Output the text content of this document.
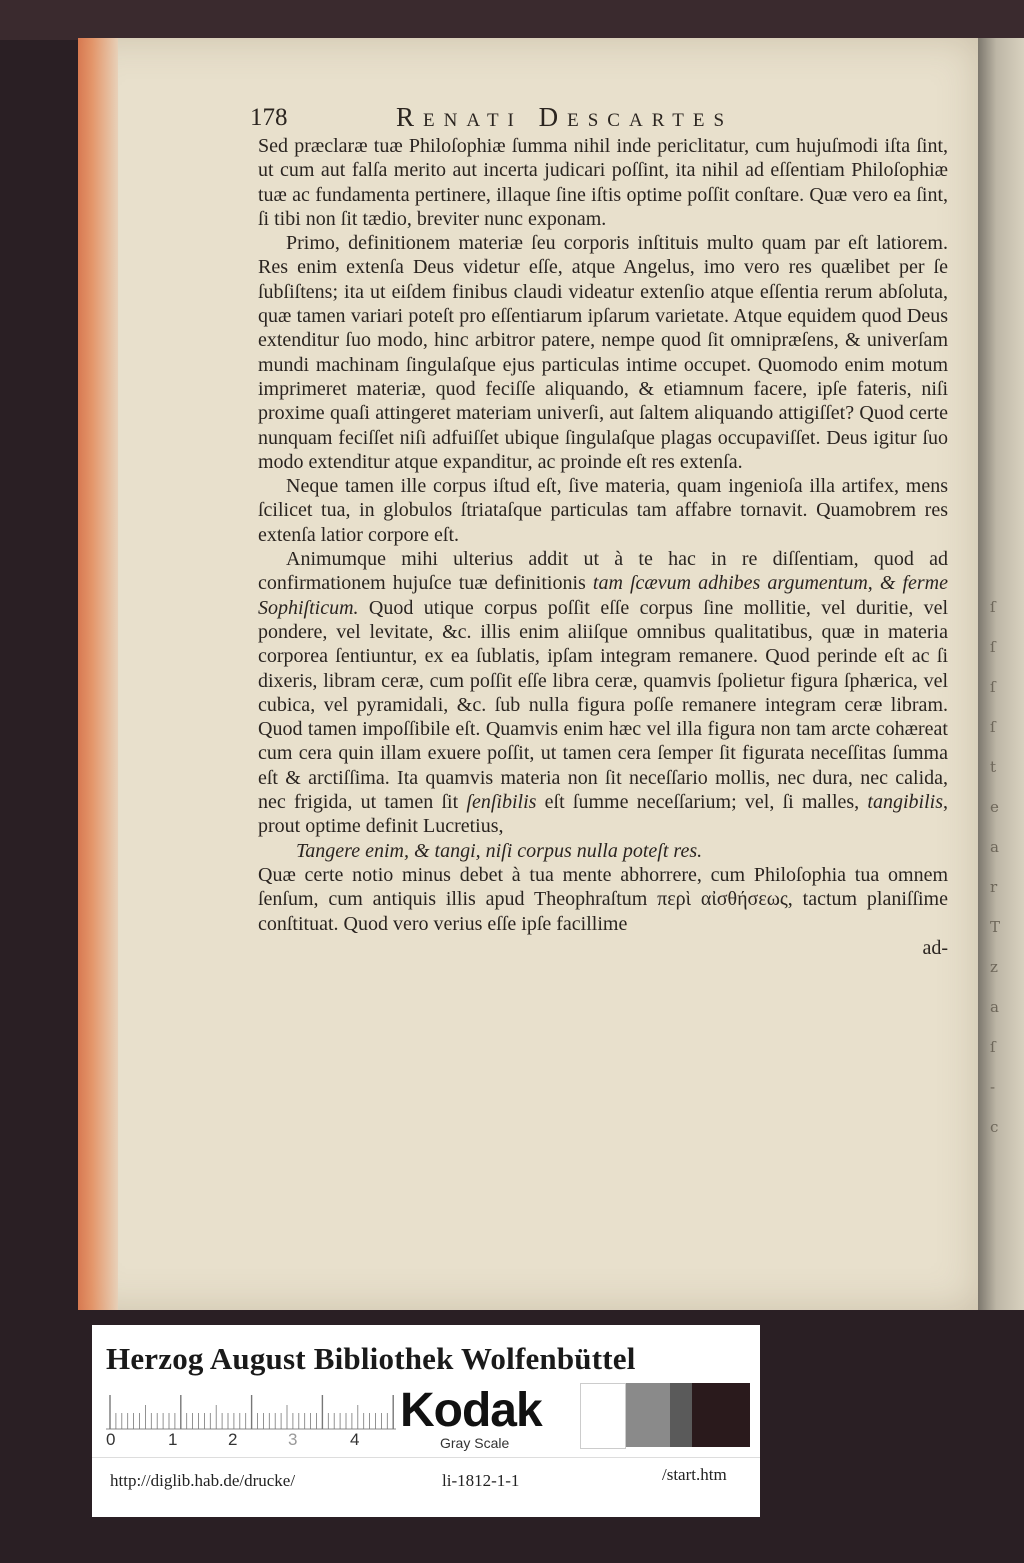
ſ
ſ
ſ
ſ
t
e
a
r
T
z
a
ſ
-
c
178	Renati Descartes

Sed præclaræ tuæ Philoſophiæ ſumma nihil inde periclitatur, cum hujuſmodi iſta ſint, ut cum aut falſa merito aut incerta judicari poſſint, ita nihil ad eſſentiam Philoſophiæ tuæ ac fundamenta pertinere, illaque ſine iſtis optime poſſit conſtare. Quæ vero ea ſint, ſi tibi non ſit tædio, breviter nunc exponam.

Primo, definitionem materiæ ſeu corporis inſtituis multo quam par eſt latiorem. Res enim extenſa Deus videtur eſſe, atque Angelus, imo vero res quælibet per ſe ſubſiſtens; ita ut eiſdem finibus claudi videatur extenſio atque eſſentia rerum abſoluta, quæ tamen variari poteſt pro eſſentiarum ipſarum varietate. Atque equidem quod Deus extenditur ſuo modo, hinc arbitror patere, nempe quod ſit omnipræſens, & univerſam mundi machinam ſingulaſque ejus particulas intime occupet. Quomodo enim motum imprimeret materiæ, quod feciſſe aliquando, & etiamnum facere, ipſe fateris, niſi proxime quaſi attingeret materiam univerſi, aut ſaltem aliquando attigiſſet? Quod certe nunquam feciſſet niſi adfuiſſet ubique ſingulaſque plagas occupaviſſet. Deus igitur ſuo modo extenditur atque expanditur, ac proinde eſt res extenſa.

Neque tamen ille corpus iſtud eſt, ſive materia, quam ingenioſa illa artifex, mens ſcilicet tua, in globulos ſtriataſque particulas tam affabre tornavit. Quamobrem res extenſa latior corpore eſt.

Animumque mihi ulterius addit ut à te hac in re diſſentiam, quod ad confirmationem hujuſce tuæ definitionis tam ſcævum adhibes argumentum, & ferme Sophiſticum. Quod utique corpus poſſit eſſe corpus ſine mollitie, vel duritie, vel pondere, vel levitate, &c. illis enim aliiſque omnibus qualitatibus, quæ in materia corporea ſentiuntur, ex ea ſublatis, ipſam integram remanere. Quod perinde eſt ac ſi dixeris, libram ceræ, cum poſſit eſſe libra ceræ, quamvis ſpolietur figura ſphærica, vel cubica, vel pyramidali, &c. ſub nulla figura poſſe remanere integram ceræ libram. Quod tamen impoſſibile eſt. Quamvis enim hæc vel illa figura non tam arcte cohæreat cum cera quin illam exuere poſſit, ut tamen cera ſemper ſit figurata neceſſitas ſumma eſt & arctiſſima. Ita quamvis materia non ſit neceſſario mollis, nec dura, nec calida, nec frigida, ut tamen ſit ſenſibilis eſt ſumme neceſſarium; vel, ſi malles, tangibilis, prout optime definit Lucretius,

Tangere enim, & tangi, niſi corpus nulla poteſt res.

Quæ certe notio minus debet à tua mente abhorrere, cum Philoſophia tua omnem ſenſum, cum antiquis illis apud Theophraſtum περὶ αἰσθήσεως, tactum planiſſime conſtituat. Quod vero verius eſſe ipſe facillime

ad-

Herzog August Bibliothek Wolfenbüttel
0	1	2	3	4
Kodak
Gray Scale
http://diglib.hab.de/drucke/	li-1812-1-1	/start.htm
